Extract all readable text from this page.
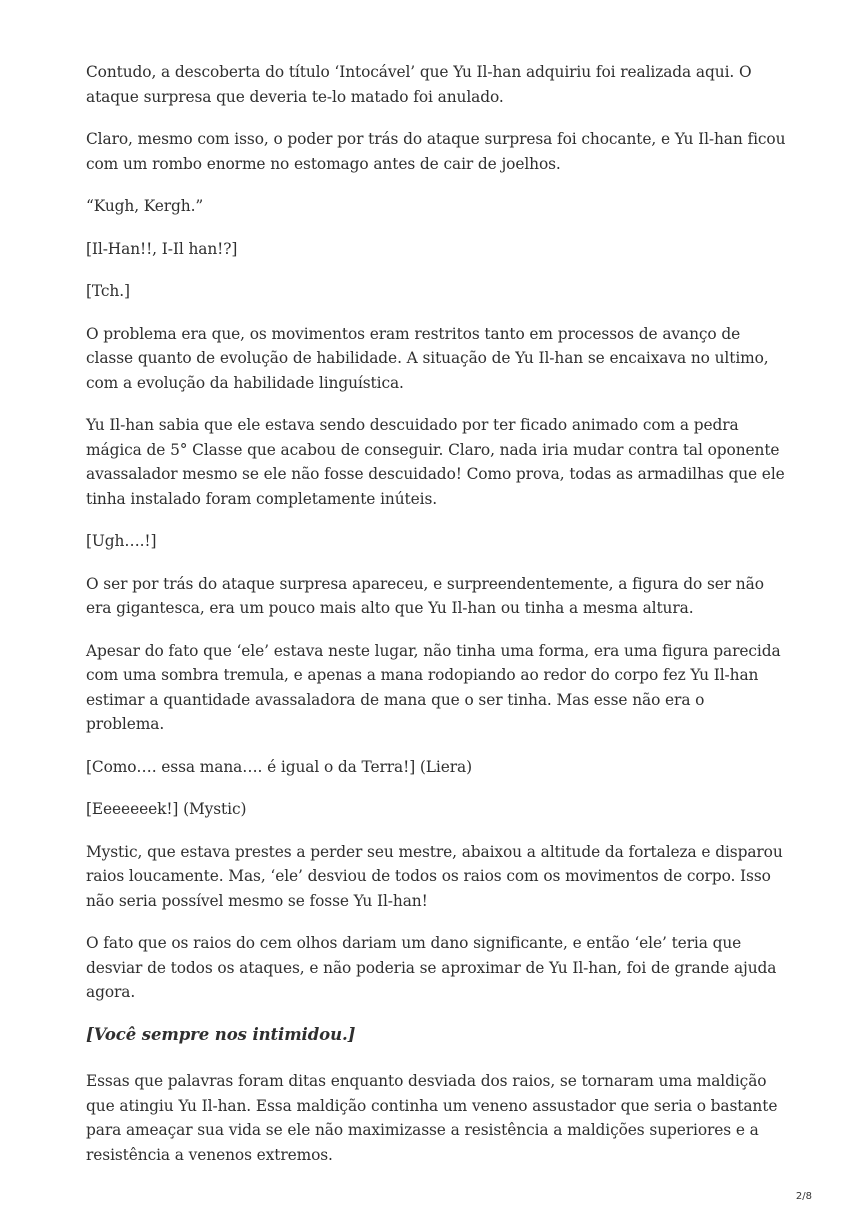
Contudo, a descoberta do título ‘Intocável’ que Yu Il-han adquiriu foi realizada aqui. O ataque surpresa que deveria te-lo matado foi anulado.

Claro, mesmo com isso, o poder por trás do ataque surpresa foi chocante, e Yu Il-han ficou com um rombo enorme no estomago antes de cair de joelhos.

“Kugh, Kergh.”

[Il-Han!!, I-Il han!?]

[Tch.]

O problema era que, os movimentos eram restritos tanto em processos de avanço de classe quanto de evolução de habilidade. A situação de Yu Il-han se encaixava no ultimo, com a evolução da habilidade linguística.

Yu Il-han sabia que ele estava sendo descuidado por ter ficado animado com a pedra mágica de 5° Classe que acabou de conseguir. Claro, nada iria mudar contra tal oponente avassalador mesmo se ele não fosse descuidado! Como prova, todas as armadilhas que ele tinha instalado foram completamente inúteis.

[Ugh….!]

O ser por trás do ataque surpresa apareceu, e surpreendentemente, a figura do ser não era gigantesca, era um pouco mais alto que Yu Il-han ou tinha a mesma altura.

Apesar do fato que ‘ele’ estava neste lugar, não tinha uma forma, era uma figura parecida com uma sombra tremula, e apenas a mana rodopiando ao redor do corpo fez Yu Il-han estimar a quantidade avassaladora de mana que o ser tinha. Mas esse não era o problema.

[Como…. essa mana…. é igual o da Terra!] (Liera)

[Eeeeeeek!] (Mystic)

Mystic, que estava prestes a perder seu mestre, abaixou a altitude da fortaleza e disparou raios loucamente. Mas, ‘ele’ desviou de todos os raios com os movimentos de corpo. Isso não seria possível mesmo se fosse Yu Il-han!

O fato que os raios do cem olhos dariam um dano significante, e então ‘ele’ teria que desviar de todos os ataques, e não poderia se aproximar de Yu Il-han, foi de grande ajuda agora.

[Você sempre nos intimidou.]

Essas que palavras foram ditas enquanto desviada dos raios, se tornaram uma maldição que atingiu Yu Il-han. Essa maldição continha um veneno assustador que seria o bastante para ameaçar sua vida se ele não maximizasse a resistência a maldições superiores e a resistência a venenos extremos.

2/8
